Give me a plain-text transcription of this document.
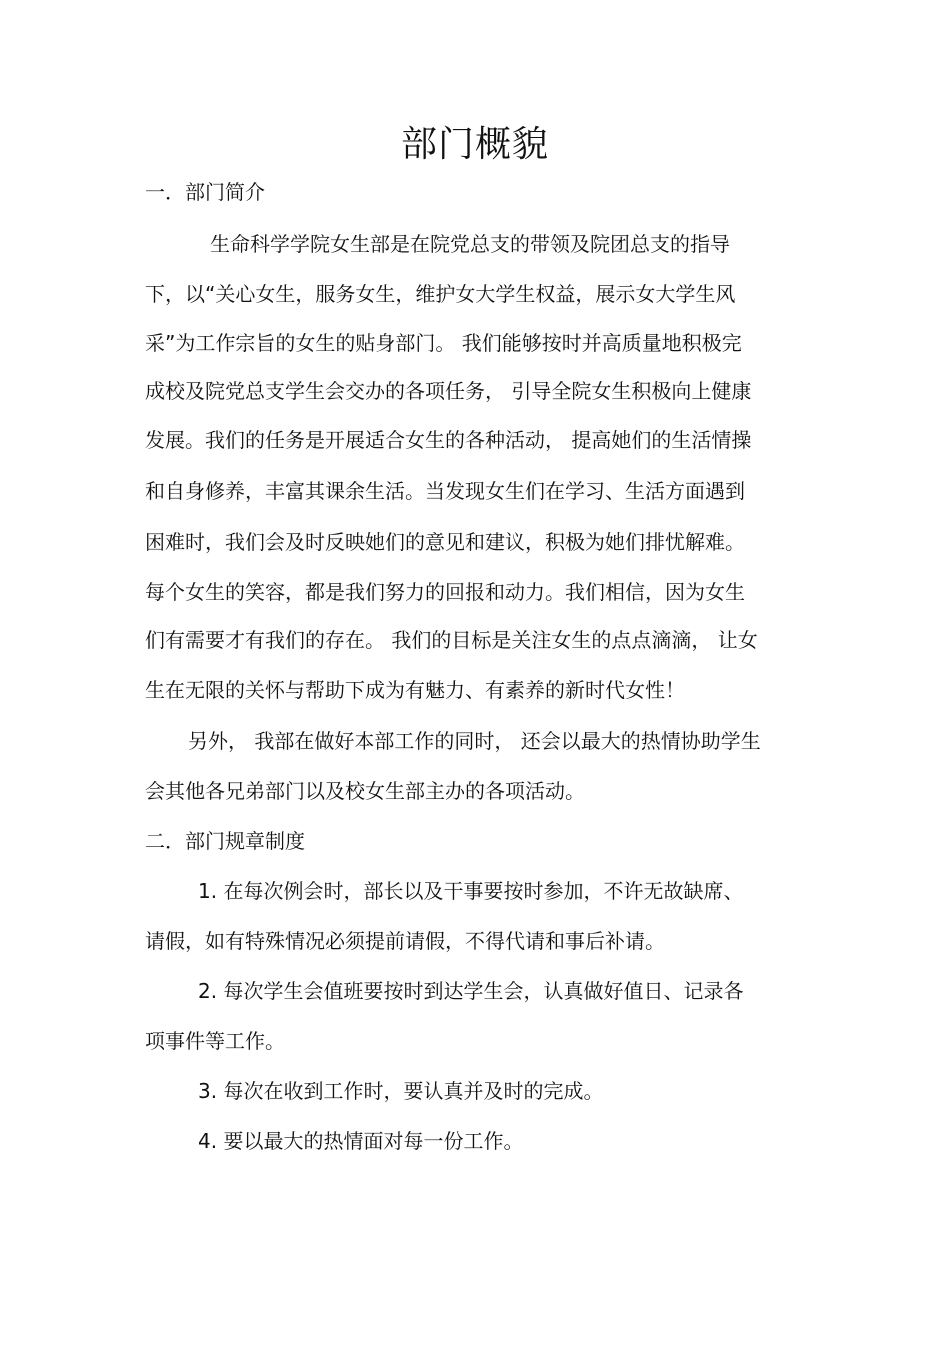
部门概貌
一．部门简介
生命科学学院女生部是在院党总支的带领及院团总支的指导
下，以“关心女生，服务女生，维护女大学生权益，展示女大学生风
采”为工作宗旨的女生的贴身部门。 我们能够按时并高质量地积极完
成校及院党总支学生会交办的各项任务， 引导全院女生积极向上健康
发展。我们的任务是开展适合女生的各种活动， 提高她们的生活情操
和自身修养，丰富其课余生活。当发现女生们在学习、生活方面遇到
困难时，我们会及时反映她们的意见和建议，积极为她们排忧解难。
每个女生的笑容，都是我们努力的回报和动力。我们相信，因为女生
们有需要才有我们的存在。 我们的目标是关注女生的点点滴滴， 让女
生在无限的关怀与帮助下成为有魅力、有素养的新时代女性！
另外， 我部在做好本部工作的同时， 还会以最大的热情协助学生
会其他各兄弟部门以及校女生部主办的各项活动。
二．部门规章制度
1. 在每次例会时，部长以及干事要按时参加，不许无故缺席、
请假，如有特殊情况必须提前请假，不得代请和事后补请。
2. 每次学生会值班要按时到达学生会，认真做好值日、记录各
项事件等工作。
3. 每次在收到工作时，要认真并及时的完成。
4. 要以最大的热情面对每一份工作。
